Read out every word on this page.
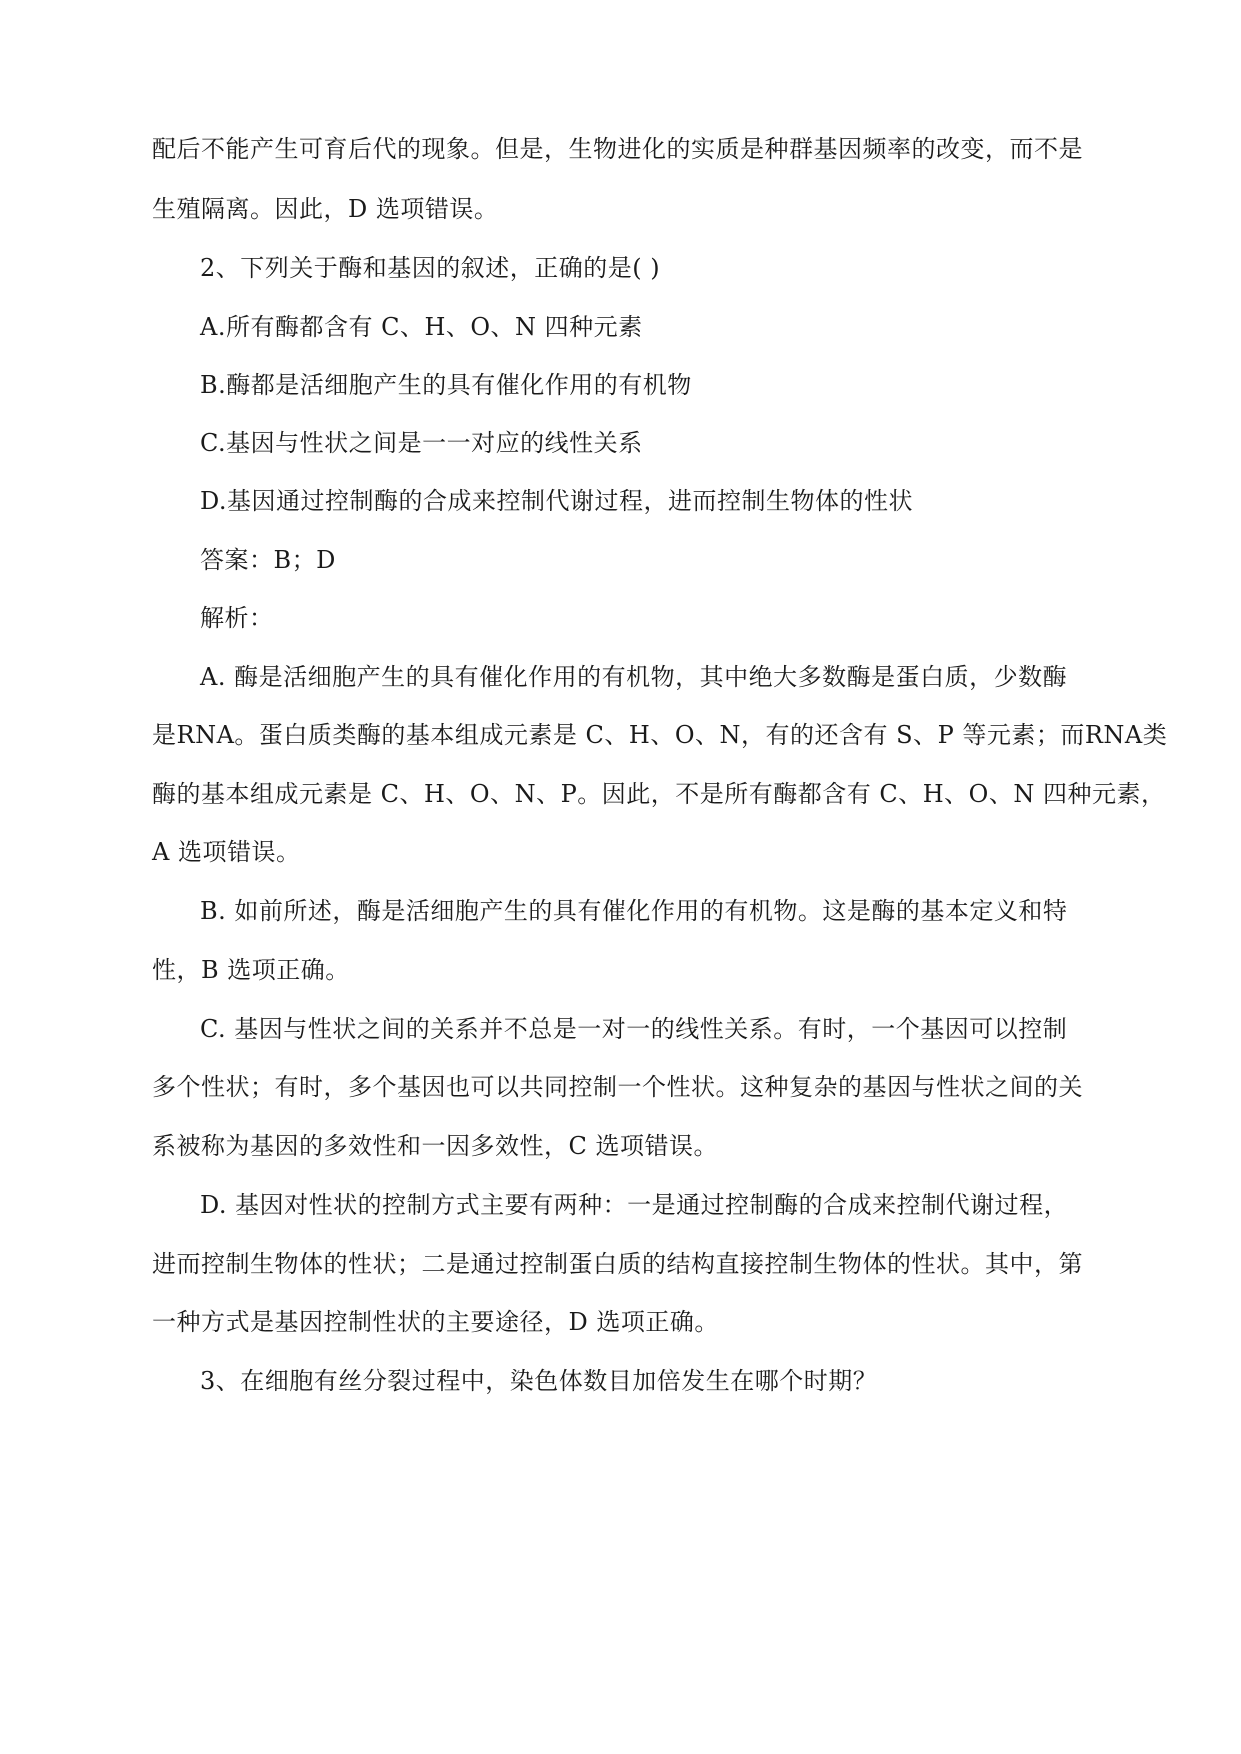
配后不能产生可育后代的现象。但是，生物进化的实质是种群基因频率的改变，而不是
生殖隔离。因此，D 选项错误。
2、下列关于酶和基因的叙述，正确的是( )
A.所有酶都含有 C、H、O、N 四种元素
B.酶都是活细胞产生的具有催化作用的有机物
C.基因与性状之间是一一对应的线性关系
D.基因通过控制酶的合成来控制代谢过程，进而控制生物体的性状
答案：B；D
解析：
A. 酶是活细胞产生的具有催化作用的有机物，其中绝大多数酶是蛋白质，少数酶
是RNA。蛋白质类酶的基本组成元素是 C、H、O、N，有的还含有 S、P 等元素；而RNA类
酶的基本组成元素是 C、H、O、N、P。因此，不是所有酶都含有 C、H、O、N 四种元素，
A 选项错误。
B. 如前所述，酶是活细胞产生的具有催化作用的有机物。这是酶的基本定义和特
性，B 选项正确。
C. 基因与性状之间的关系并不总是一对一的线性关系。有时，一个基因可以控制
多个性状；有时，多个基因也可以共同控制一个性状。这种复杂的基因与性状之间的关
系被称为基因的多效性和一因多效性，C 选项错误。
D. 基因对性状的控制方式主要有两种：一是通过控制酶的合成来控制代谢过程，
进而控制生物体的性状；二是通过控制蛋白质的结构直接控制生物体的性状。其中，第
一种方式是基因控制性状的主要途径，D 选项正确。
3、在细胞有丝分裂过程中，染色体数目加倍发生在哪个时期？
